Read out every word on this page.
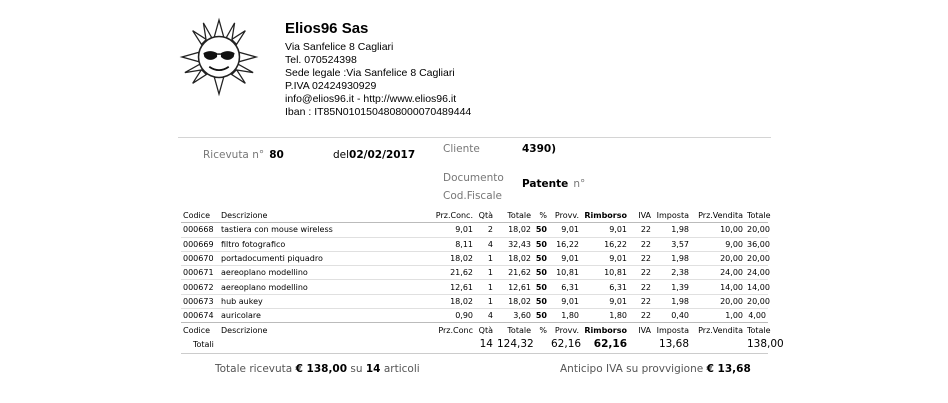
Elios96 Sas
Via Sanfelice 8 Cagliari
Tel. 070524398
Sede legale :Via Sanfelice 8 Cagliari
P.IVA 02424930929
info@elios96.it - http://www.elios96.it
Iban : IT85N0101504808000070489444
Ricevuta n° 80	del02/02/2017	Cliente	4390)
Documento Patente n°
Cod.Fiscale
Codice	Descrizione	Prz.Conc.	Qtà	Totale	%	Provv.	Rimborso	IVA	Imposta	Prz.Vendita	Totale
000668	tastiera con mouse wireless	9,01	2	18,02	50	9,01	9,01	22	1,98	10,00	20,00
000669	filtro fotografico	8,11	4	32,43	50	16,22	16,22	22	3,57	9,00	36,00
000670	portadocumenti piquadro	18,02	1	18,02	50	9,01	9,01	22	1,98	20,00	20,00
000671	aereoplano modellino	21,62	1	21,62	50	10,81	10,81	22	2,38	24,00	24,00
000672	aereoplano modellino	12,61	1	12,61	50	6,31	6,31	22	1,39	14,00	14,00
000673	hub aukey	18,02	1	18,02	50	9,01	9,01	22	1,98	20,00	20,00
000674	auricolare	0,90	4	3,60	50	1,80	1,80	22	0,40	1,00	4,00
Codice	Descrizione	Prz.Conc	Qtà	Totale	%	Provv.	Rimborso	IVA	Imposta	Prz.Vendita	Totale
Totali			14	124,32		62,16	62,16		13,68		138,00
Totale ricevuta € 138,00 su 14 articoli	Anticipo IVA su provvigione € 13,68
